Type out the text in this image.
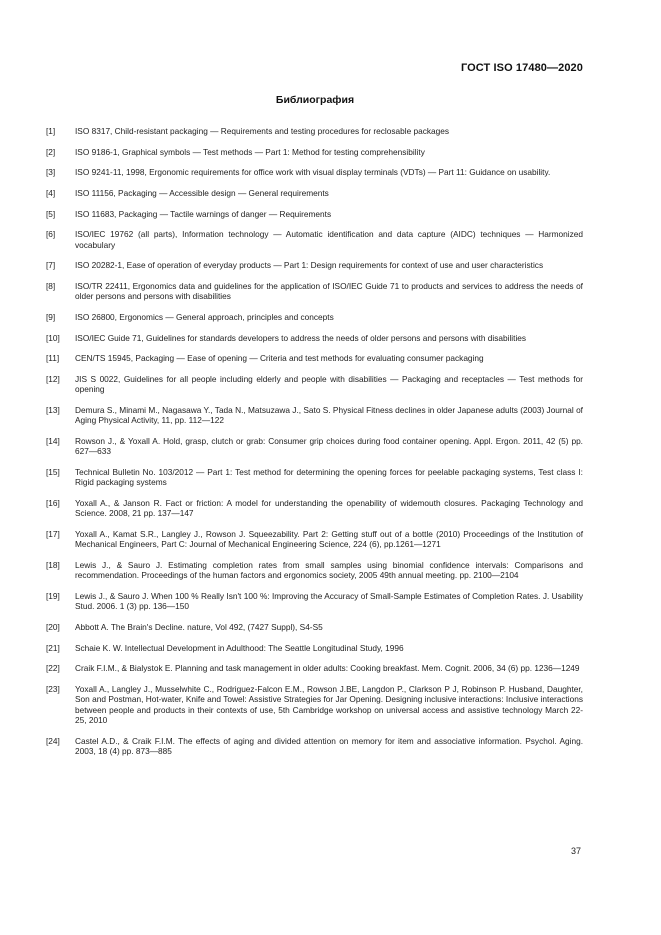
ГОСТ ISO 17480—2020
Библиография
[1]	ISO 8317, Child-resistant packaging — Requirements and testing procedures for reclosable packages
[2]	ISO 9186-1, Graphical symbols — Test methods — Part 1: Method for testing comprehensibility
[3]	ISO 9241-11, 1998, Ergonomic requirements for office work with visual display terminals (VDTs) — Part 11: Guidance on usability.
[4]	ISO 11156, Packaging — Accessible design — General requirements
[5]	ISO 11683, Packaging — Tactile warnings of danger — Requirements
[6]	ISO/IEC 19762 (all parts), Information technology — Automatic identification and data capture (AIDC) techniques — Harmonized vocabulary
[7]	ISO 20282-1, Ease of operation of everyday products — Part 1: Design requirements for context of use and user characteristics
[8]	ISO/TR 22411, Ergonomics data and guidelines for the application of ISO/IEC Guide 71 to products and services to address the needs of older persons and persons with disabilities
[9]	ISO 26800, Ergonomics — General approach, principles and concepts
[10]	ISO/IEC Guide 71, Guidelines for standards developers to address the needs of older persons and persons with disabilities
[11]	CEN/TS 15945, Packaging — Ease of opening — Criteria and test methods for evaluating consumer packaging
[12]	JIS S 0022, Guidelines for all people including elderly and people with disabilities — Packaging and receptacles — Test methods for opening
[13]	Demura S., Minami M., Nagasawa Y., Tada N., Matsuzawa J., Sato S. Physical Fitness declines in older Japanese adults (2003) Journal of Aging Physical Activity, 11, pp. 112—122
[14]	Rowson J., & Yoxall A. Hold, grasp, clutch or grab: Consumer grip choices during food container opening. Appl. Ergon. 2011, 42 (5) pp. 627—633
[15]	Technical Bulletin No. 103/2012 — Part 1: Test method for determining the opening forces for peelable packaging systems, Test class I: Rigid packaging systems
[16]	Yoxall A., & Janson R. Fact or friction: A model for understanding the openability of widemouth closures. Packaging Technology and Science. 2008, 21 pp. 137—147
[17]	Yoxall A., Kamat S.R., Langley J., Rowson J. Squeezability. Part 2: Getting stuff out of a bottle (2010) Proceedings of the Institution of Mechanical Engineers, Part C: Journal of Mechanical Engineering Science, 224 (6), pp.1261—1271
[18]	Lewis J., & Sauro J. Estimating completion rates from small samples using binomial confidence intervals: Comparisons and recommendation. Proceedings of the human factors and ergonomics society, 2005 49th annual meeting. pp. 2100—2104
[19]	Lewis J., & Sauro J. When 100 % Really Isn't 100 %: Improving the Accuracy of Small-Sample Estimates of Completion Rates. J. Usability Stud. 2006. 1 (3) pp. 136—150
[20]	Abbott A. The Brain's Decline. nature, Vol 492, (7427 Suppl), S4-S5
[21]	Schaie K. W. Intellectual Development in Adulthood: The Seattle Longitudinal Study, 1996
[22]	Craik F.I.M., & Bialystok E. Planning and task management in older adults: Cooking breakfast. Mem. Cognit. 2006, 34 (6) pp. 1236—1249
[23]	Yoxall A., Langley J., Musselwhite C., Rodriguez-Falcon E.M., Rowson J.BE, Langdon P., Clarkson P J, Robinson P. Husband, Daughter, Son and Postman, Hot-water, Knife and Towel: Assistive Strategies for Jar Opening. Designing inclusive interactions: Inclusive interactions between people and products in their contexts of use, 5th Cambridge workshop on universal access and assistive technology March 22-25, 2010
[24]	Castel A.D., & Craik F.I.M. The effects of aging and divided attention on memory for item and associative information. Psychol. Aging. 2003, 18 (4) pp. 873—885
37
